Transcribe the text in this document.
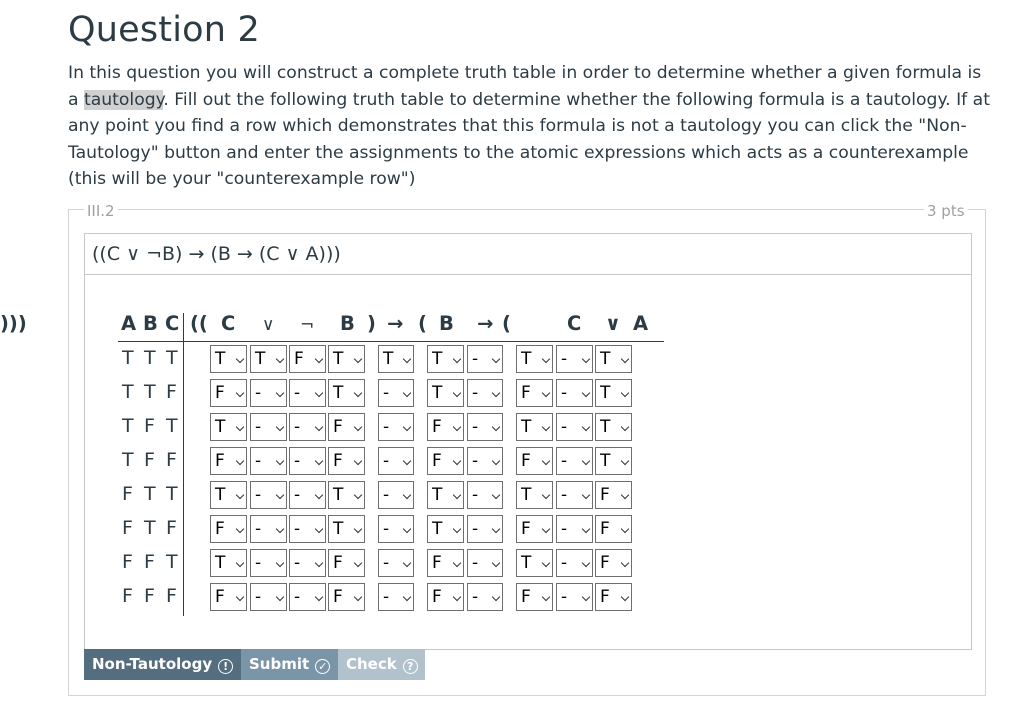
Question 2

In this question you will construct a complete truth table in order to determine whether a given formula is a tautology. Fill out the following truth table to determine whether the following formula is a tautology. If at any point you find a row which demonstrates that this formula is not a tautology you can click the "Non-Tautology" button and enter the assignments to the atomic expressions which acts as a counterexample (this will be your "counterexample row")

III.2	3 pts
((C ∨ ¬B) → (B → (C ∨ A)))
A B C (( C ∨ ¬ B ) → ( B → (	C ∨ A
)))
T T T T	T	F	T	T	T	-	T	-	T
T T F F	-	-	T	-	T	-	F	-	T
T F T T	-	-	F	-	F	-	T	-	T
T F F F	-	-	F	-	F	-	F	-	T
F T T T	-	-	T	-	T	-	T	-	F
F T F F	-	-	T	-	T	-	F	-	F
F F T T	-	-	F	-	F	-	T	-	F
F F F F	-	-	F	-	F	-	F	-	F
Non-Tautology !	Submit ✓	Check ?
